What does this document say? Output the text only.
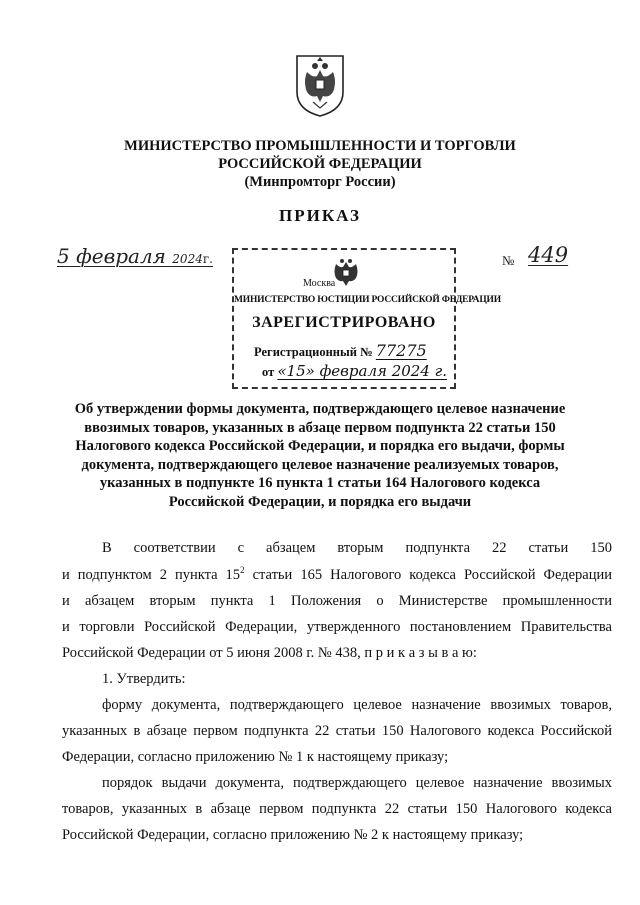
МИНИСТЕРСТВО ПРОМЫШЛЕННОСТИ И ТОРГОВЛИ
РОССИЙСКОЙ ФЕДЕРАЦИИ
(Минпромторг России)
ПРИКАЗ
5 февраля 2024г.	№ 449
Москва
МИНИСТЕРСТВО ЮСТИЦИИ РОССИЙСКОЙ ФЕДЕРАЦИИ
ЗАРЕГИСТРИРОВАНО
Регистрационный № 77275
от «15» февраля 2024 г.
Об утверждении формы документа, подтверждающего целевое назначение ввозимых товаров, указанных в абзаце первом подпункта 22 статьи 150 Налогового кодекса Российской Федерации, и порядка его выдачи, формы документа, подтверждающего целевое назначение реализуемых товаров, указанных в подпункте 16 пункта 1 статьи 164 Налогового кодекса Российской Федерации, и порядка его выдачи
В соответствии с абзацем вторым подпункта 22 статьи 150
и подпунктом 2 пункта $15^2$ статьи 165 Налогового кодекса Российской Федерации
и абзацем вторым пункта 1 Положения о Министерстве промышленности
и торговли Российской Федерации, утвержденного постановлением Правительства
Российской Федерации от 5 июня 2008 г. № 438, п р и к а з ы в а ю:
1. Утвердить:
форму документа, подтверждающего целевое назначение ввозимых товаров, указанных в абзаце первом подпункта 22 статьи 150 Налогового кодекса Российской Федерации, согласно приложению № 1 к настоящему приказу;
порядок выдачи документа, подтверждающего целевое назначение ввозимых товаров, указанных в абзаце первом подпункта 22 статьи 150 Налогового кодекса Российской Федерации, согласно приложению № 2 к настоящему приказу;
